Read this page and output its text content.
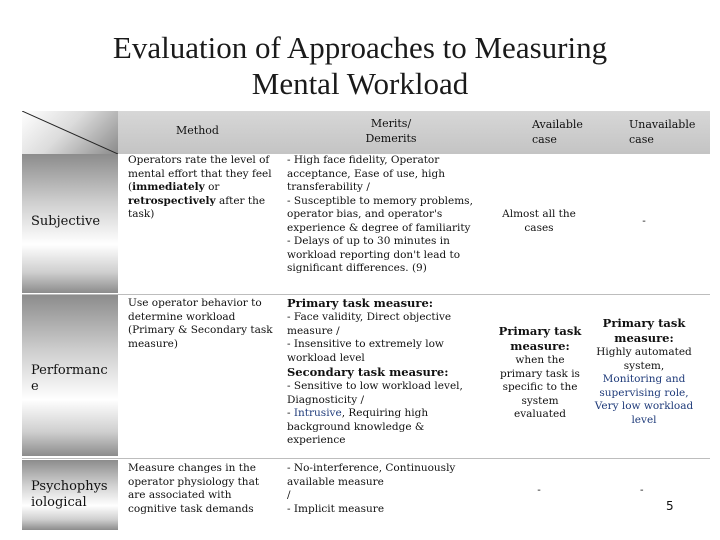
Evaluation of Approaches to Measuring
Mental Workload
Method
Merits/
Demerits
Available
case
Unavailable
case
Subjective

Operators rate the level of mental effort that they feel (immediately or retrospectively after the task)

- High face fidelity, Operator acceptance, Ease of use, high transferability /

- Susceptible to memory problems, operator bias, and operator's experience & degree of familiarity

- Delays of up to 30 minutes in workload reporting don't lead to significant differences. (9)

Almost all the cases

-

Performanc
e

Use operator behavior to determine workload (Primary & Secondary task measure)

Primary task measure:

- Face validity, Direct objective measure /

- Insensitive to extremely low workload level

Secondary task measure:

- Sensitive to low workload level, Diagnosticity /

- Intrusive, Requiring high background knowledge & experience

Primary task measure:

when the primary task is specific to the system evaluated

Primary task measure:

Highly automated system,

Monitoring and supervising role,

Very low workload level

Psychophys
iological

Measure changes in the operator physiology that are associated with cognitive task demands

- No-interference, Continuously available measure

/

- Implicit measure

-	-

5
